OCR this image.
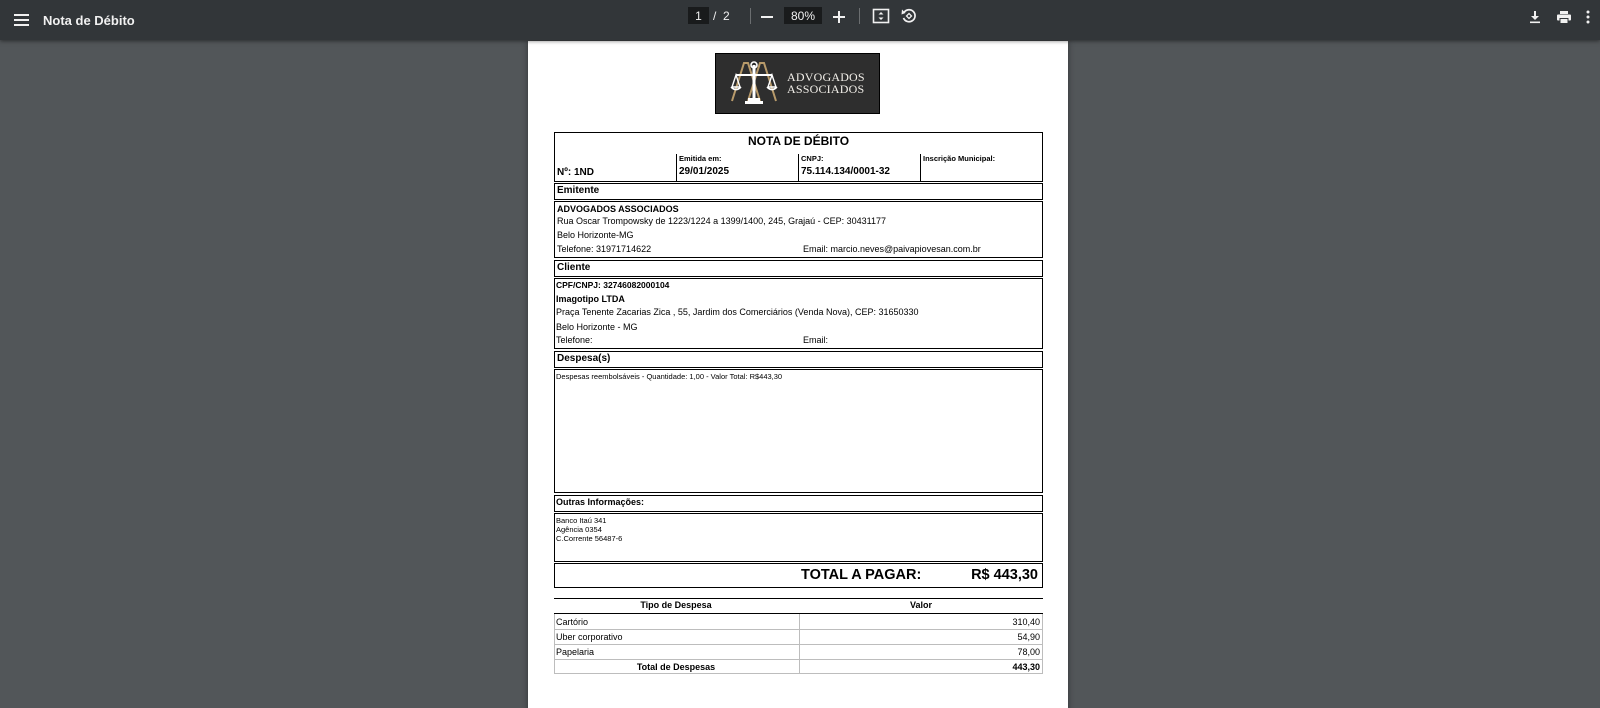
Nota de Débito
1	/ 2
80%
ADVOGADOS
ASSOCIADOS
NOTA DE DÉBITO
Nº: 1ND
Emitida em:
29/01/2025
CNPJ:
75.114.134/0001-32
Inscrição Municipal:
Emitente
ADVOGADOS ASSOCIADOS
Rua Oscar Trompowsky de 1223/1224 a 1399/1400, 245, Grajaú - CEP: 30431177
Belo Horizonte-MG
Telefone: 31971714622	Email: marcio.neves@paivapiovesan.com.br
Cliente
CPF/CNPJ: 32746082000104
Imagotipo LTDA
Praça Tenente Zacarias Zica , 55, Jardim dos Comerciários (Venda Nova), CEP: 31650330
Belo Horizonte - MG
Telefone:	Email:
Despesa(s)
Despesas reembolsáveis - Quantidade: 1,00 - Valor Total: R$443,30
Outras Informações:
Banco Itaú 341
Agência 0354
C.Corrente 56487-6
TOTAL A PAGAR:	R$ 443,30
Tipo de Despesa	Valor
Cartório	310,40
Uber corporativo	54,90
Papelaria	78,00
Total de Despesas	443,30
